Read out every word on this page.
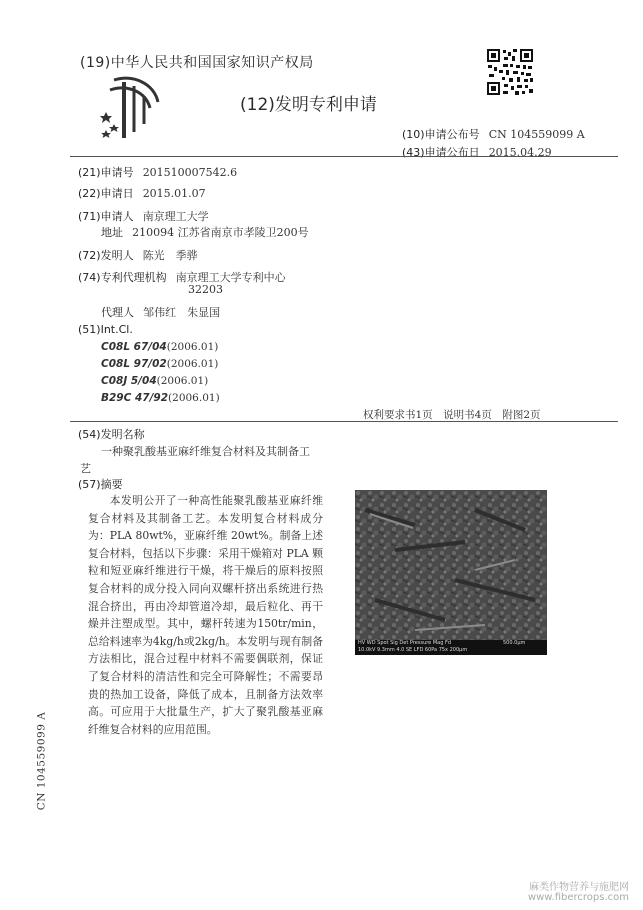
(19)中华人民共和国国家知识产权局
(12)发明专利申请
(10)申请公布号 CN 104559099 A
(43)申请公布日 2015.04.29
(21)申请号 201510007542.6
(22)申请日 2015.01.07
(71)申请人 南京理工大学
地址 210094 江苏省南京市孝陵卫200号
(72)发明人 陈光　季骅
(74)专利代理机构 南京理工大学专利中心
32203
代理人 邹伟红　朱显国
(51)Int.Cl.
C08L 67/04(2006.01)
C08L 97/02(2006.01)
C08J 5/04(2006.01)
B29C 47/92(2006.01)
权利要求书1页　说明书4页　附图2页
(54)发明名称
一种聚乳酸基亚麻纤维复合材料及其制备工
艺
(57)摘要

本发明公开了一种高性能聚乳酸基亚麻纤维复合材料及其制备工艺。本发明复合材料成分为：PLA 80wt%，亚麻纤维 20wt%。制备上述复合材料，包括以下步骤：采用干燥箱对 PLA 颗粒和短亚麻纤维进行干燥，将干燥后的原料按照复合材料的成分投入同向双螺杆挤出系统进行热混合挤出，再由冷却管道冷却，最后粒化、再干燥并注塑成型。其中，螺杆转速为150tr/min，总给料速率为4kg/h或2kg/h。本发明与现有制备方法相比，混合过程中材料不需要偶联剂，保证了复合材料的清洁性和完全可降解性；不需要昂贵的热加工设备，降低了成本，且制备方法效率高。可应用于大批量生产，扩大了聚乳酸基亚麻纤维复合材料的应用范围。

HV WD Spot Sig Det Pressure Mag Fd
10.0kV 9.3mm 4.0 SE LFD 60Pa 75x 200μm
500.0μm
CN 104559099 A
麻类作物营养与施肥网
www.fibercrops.com
